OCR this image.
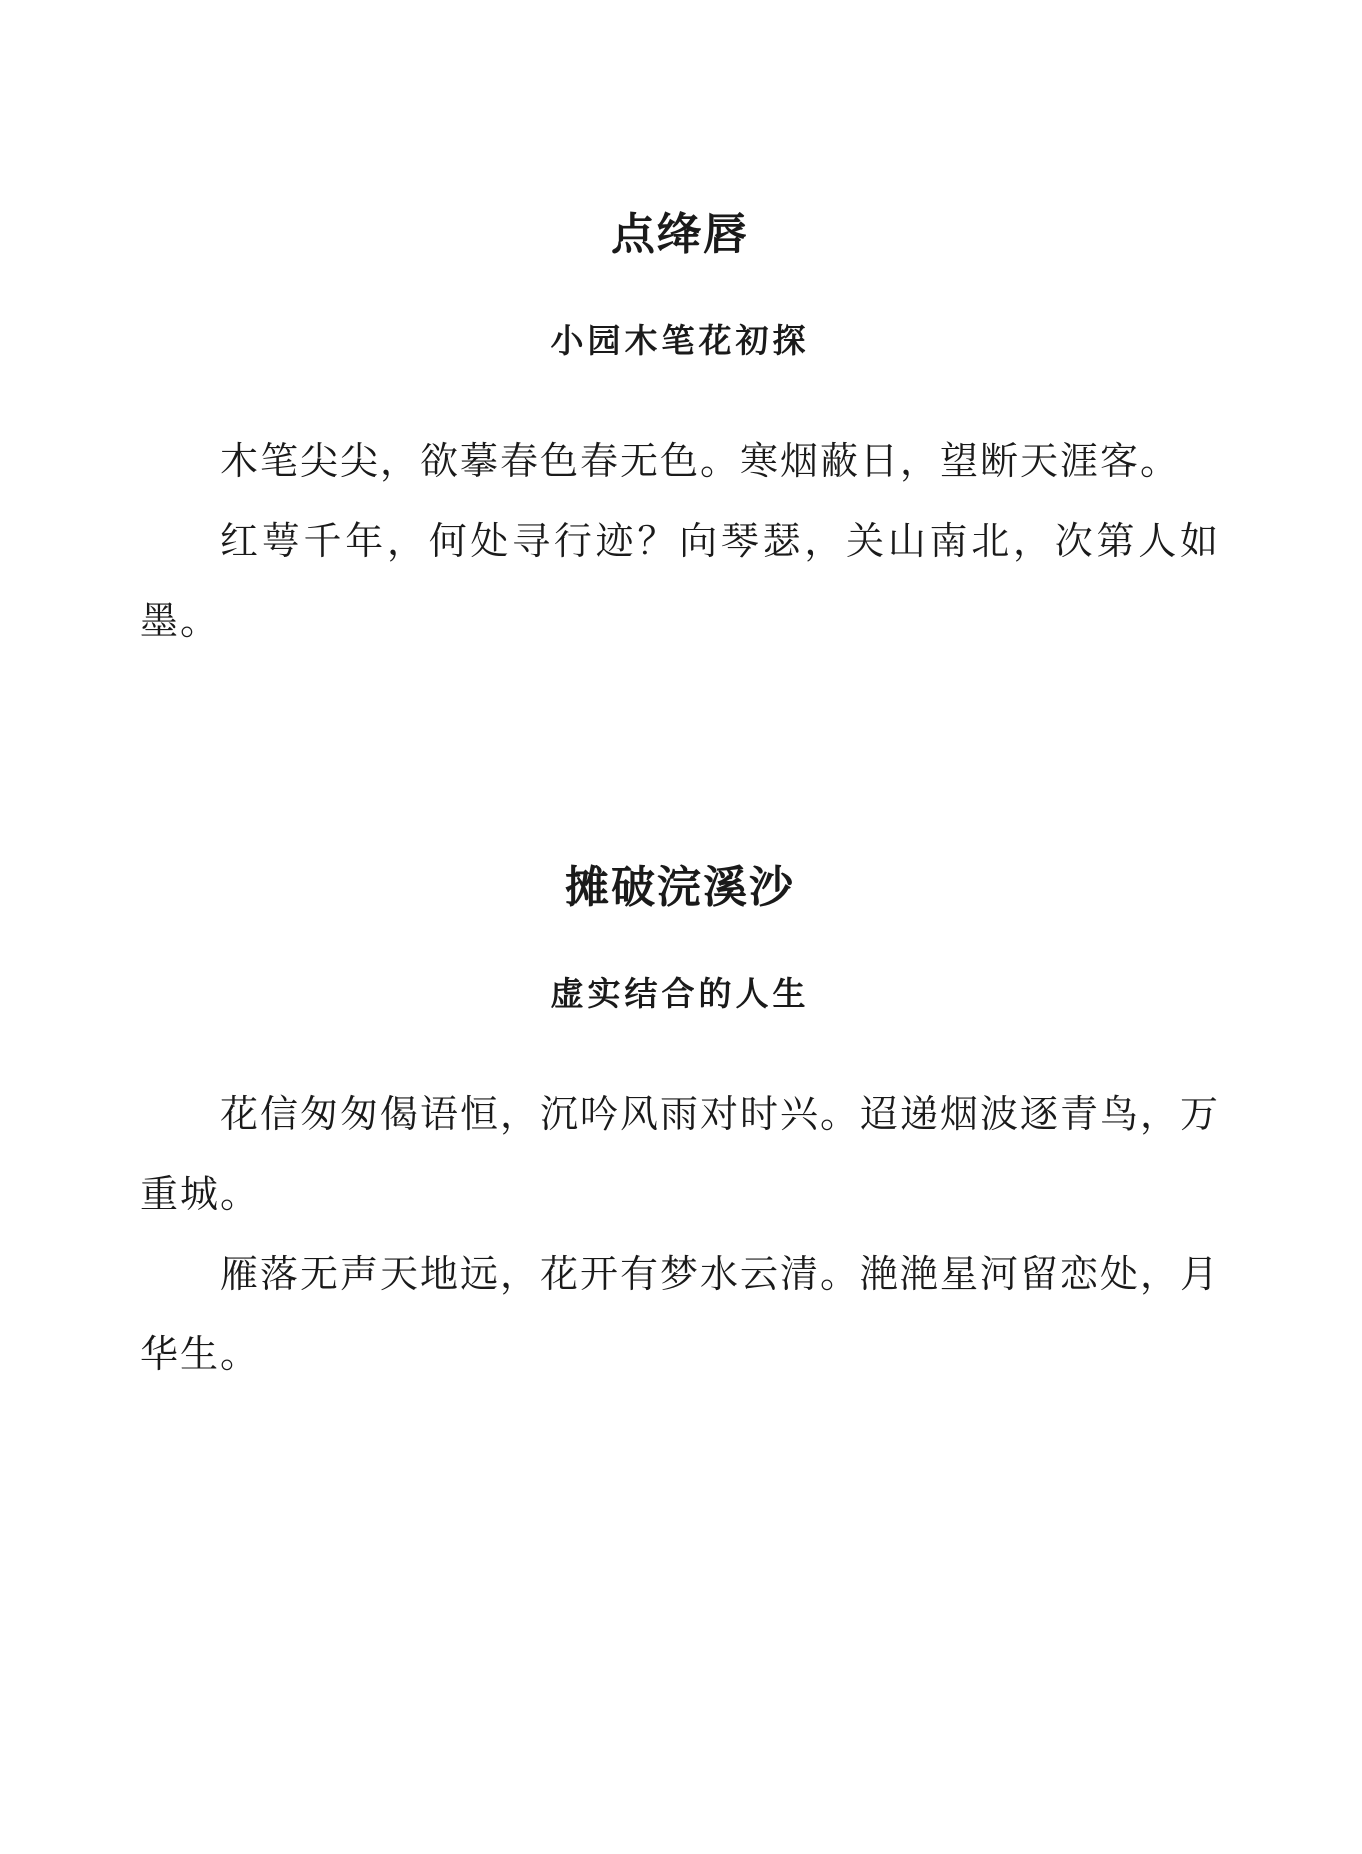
点绛唇
小园木笔花初探

木笔尖尖，欲摹春色春无色。寒烟蔽日，望断天涯客。

红萼千年，何处寻行迹？向琴瑟，关山南北，次第人如墨。

摊破浣溪沙
虚实结合的人生

花信匆匆偈语恒，沉吟风雨对时兴。迢递烟波逐青鸟，万重城。

雁落无声天地远，花开有梦水云清。滟滟星河留恋处，月华生。
